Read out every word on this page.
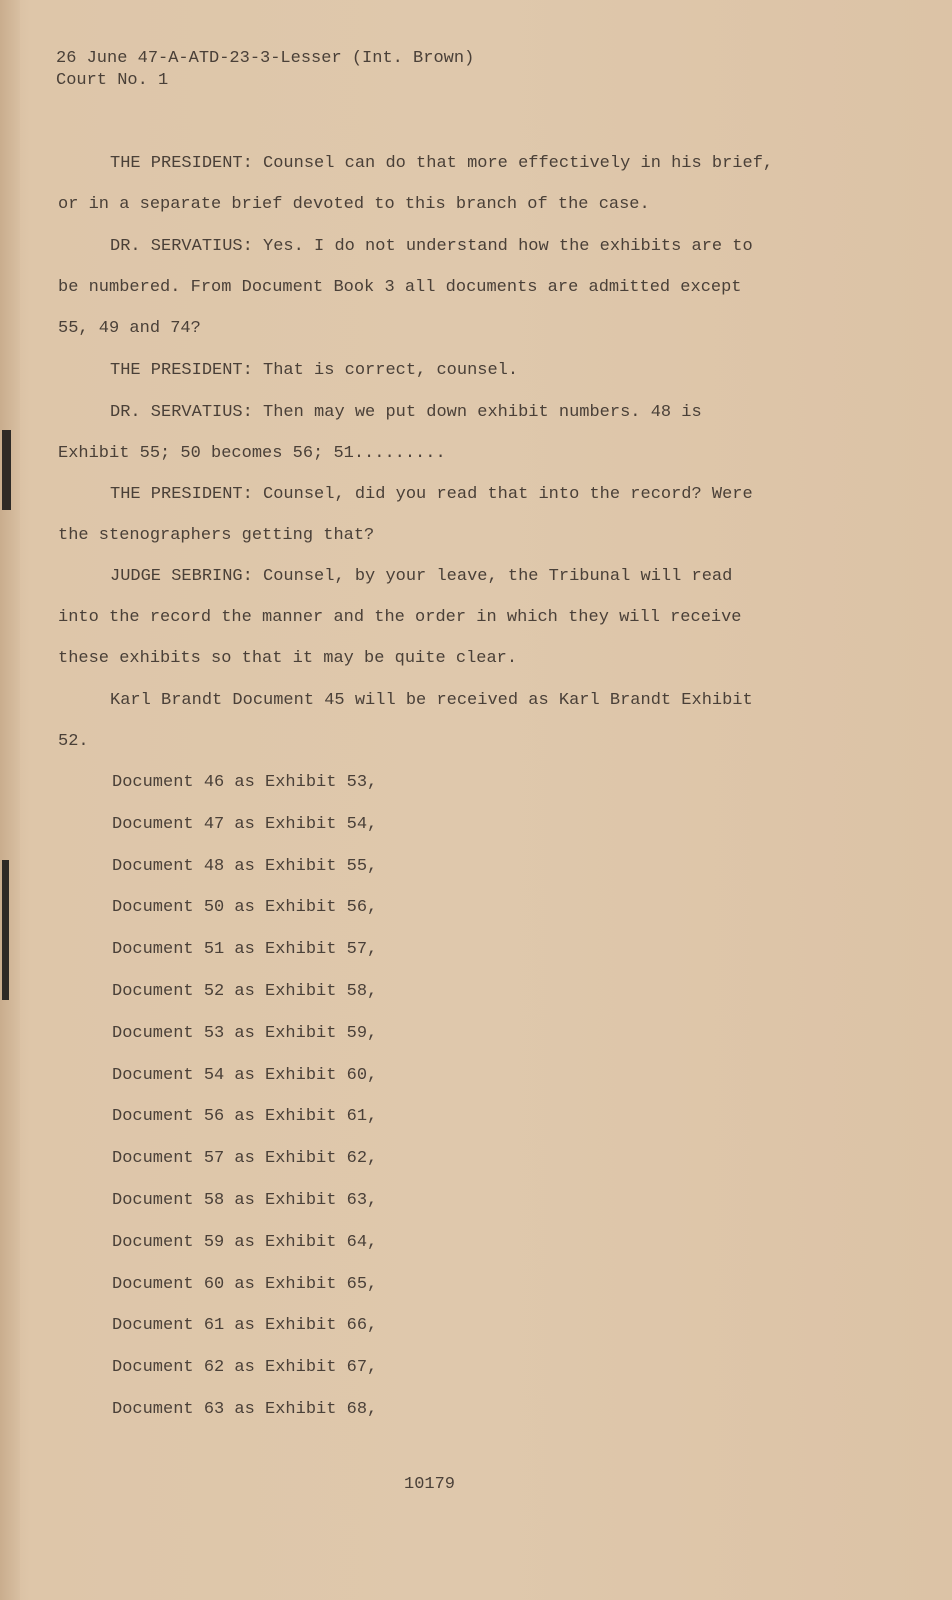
26 June 47-A-ATD-23-3-Lesser (Int. Brown)
Court No. 1

THE PRESIDENT: Counsel can do that more effectively in his brief, or in a separate brief devoted to this branch of the case.

DR. SERVATIUS: Yes. I do not understand how the exhibits are to be numbered. From Document Book 3 all documents are admitted except 55, 49 and 74?

THE PRESIDENT: That is correct, counsel.

DR. SERVATIUS: Then may we put down exhibit numbers. 48 is Exhibit 55; 50 becomes 56; 51.........

THE PRESIDENT: Counsel, did you read that into the record? Were the stenographers getting that?

JUDGE SEBRING: Counsel, by your leave, the Tribunal will read into the record the manner and the order in which they will receive these exhibits so that it may be quite clear.

Karl Brandt Document 45 will be received as Karl Brandt Exhibit 52.

Document 46 as Exhibit 53,
Document 47 as Exhibit 54,
Document 48 as Exhibit 55,
Document 50 as Exhibit 56,
Document 51 as Exhibit 57,
Document 52 as Exhibit 58,
Document 53 as Exhibit 59,
Document 54 as Exhibit 60,
Document 56 as Exhibit 61,
Document 57 as Exhibit 62,
Document 58 as Exhibit 63,
Document 59 as Exhibit 64,
Document 60 as Exhibit 65,
Document 61 as Exhibit 66,
Document 62 as Exhibit 67,
Document 63 as Exhibit 68,
10179
